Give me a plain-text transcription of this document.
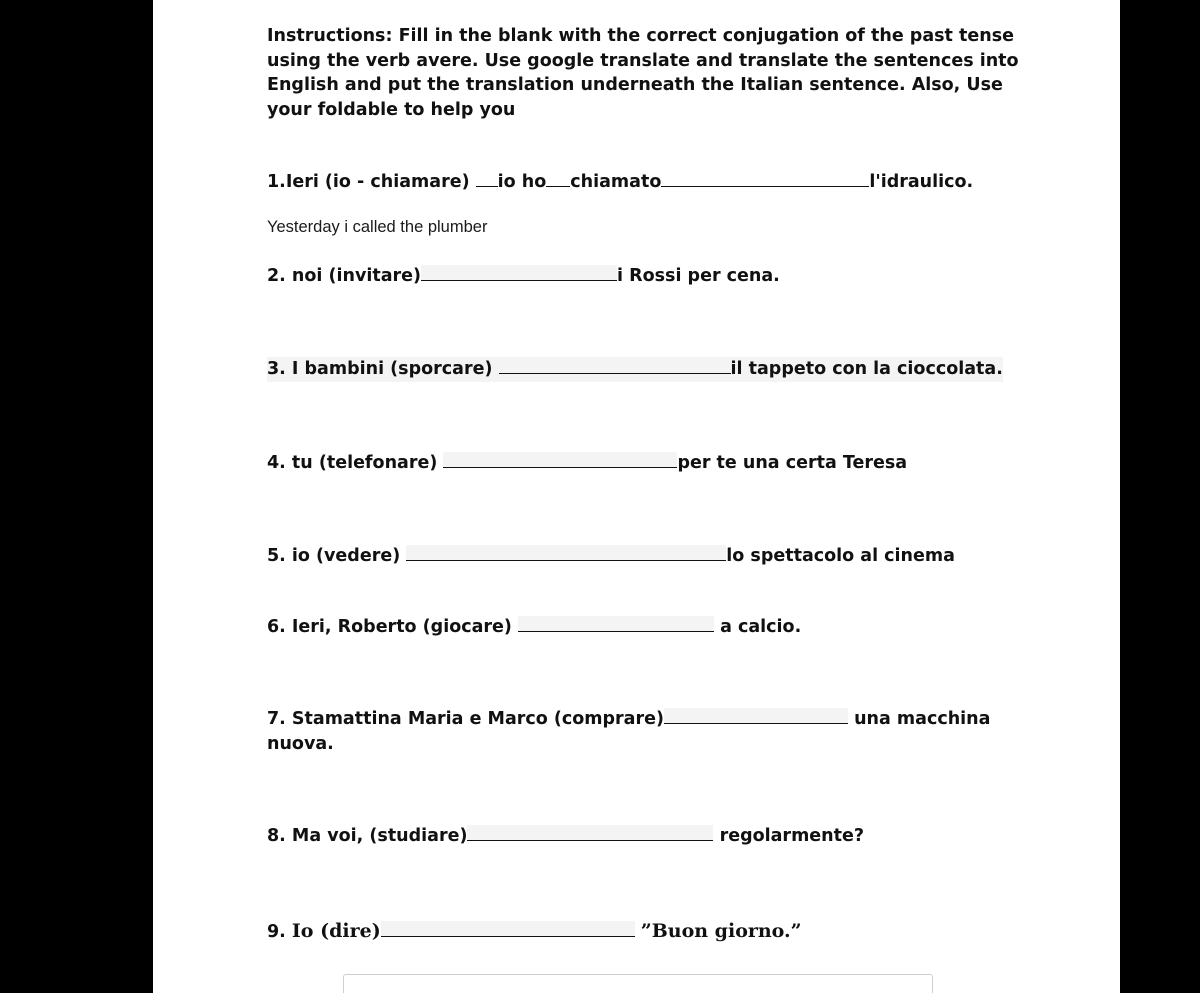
Instructions: Fill in the blank with the correct conjugation of the past tense using the verb avere. Use google translate and translate the sentences into English and put the translation underneath the Italian sentence. Also, Use your foldable to help you
1.Ieri (io - chiamare) io ho chiamato	l'idraulico.
Yesterday i called the plumber
2. noi (invitare)	i Rossi per cena.
3. I bambini (sporcare)	il tappeto con la cioccolata.
4. tu (telefonare)	per te una certa Teresa
5. io (vedere)	lo spettacolo al cinema
6. Ieri, Roberto (giocare)	a calcio.
7. Stamattina Maria e Marco (comprare)	una macchina
nuova.
8. Ma voi, (studiare)	regolarmente?
9. Io (dire)	”Buon giorno.”
